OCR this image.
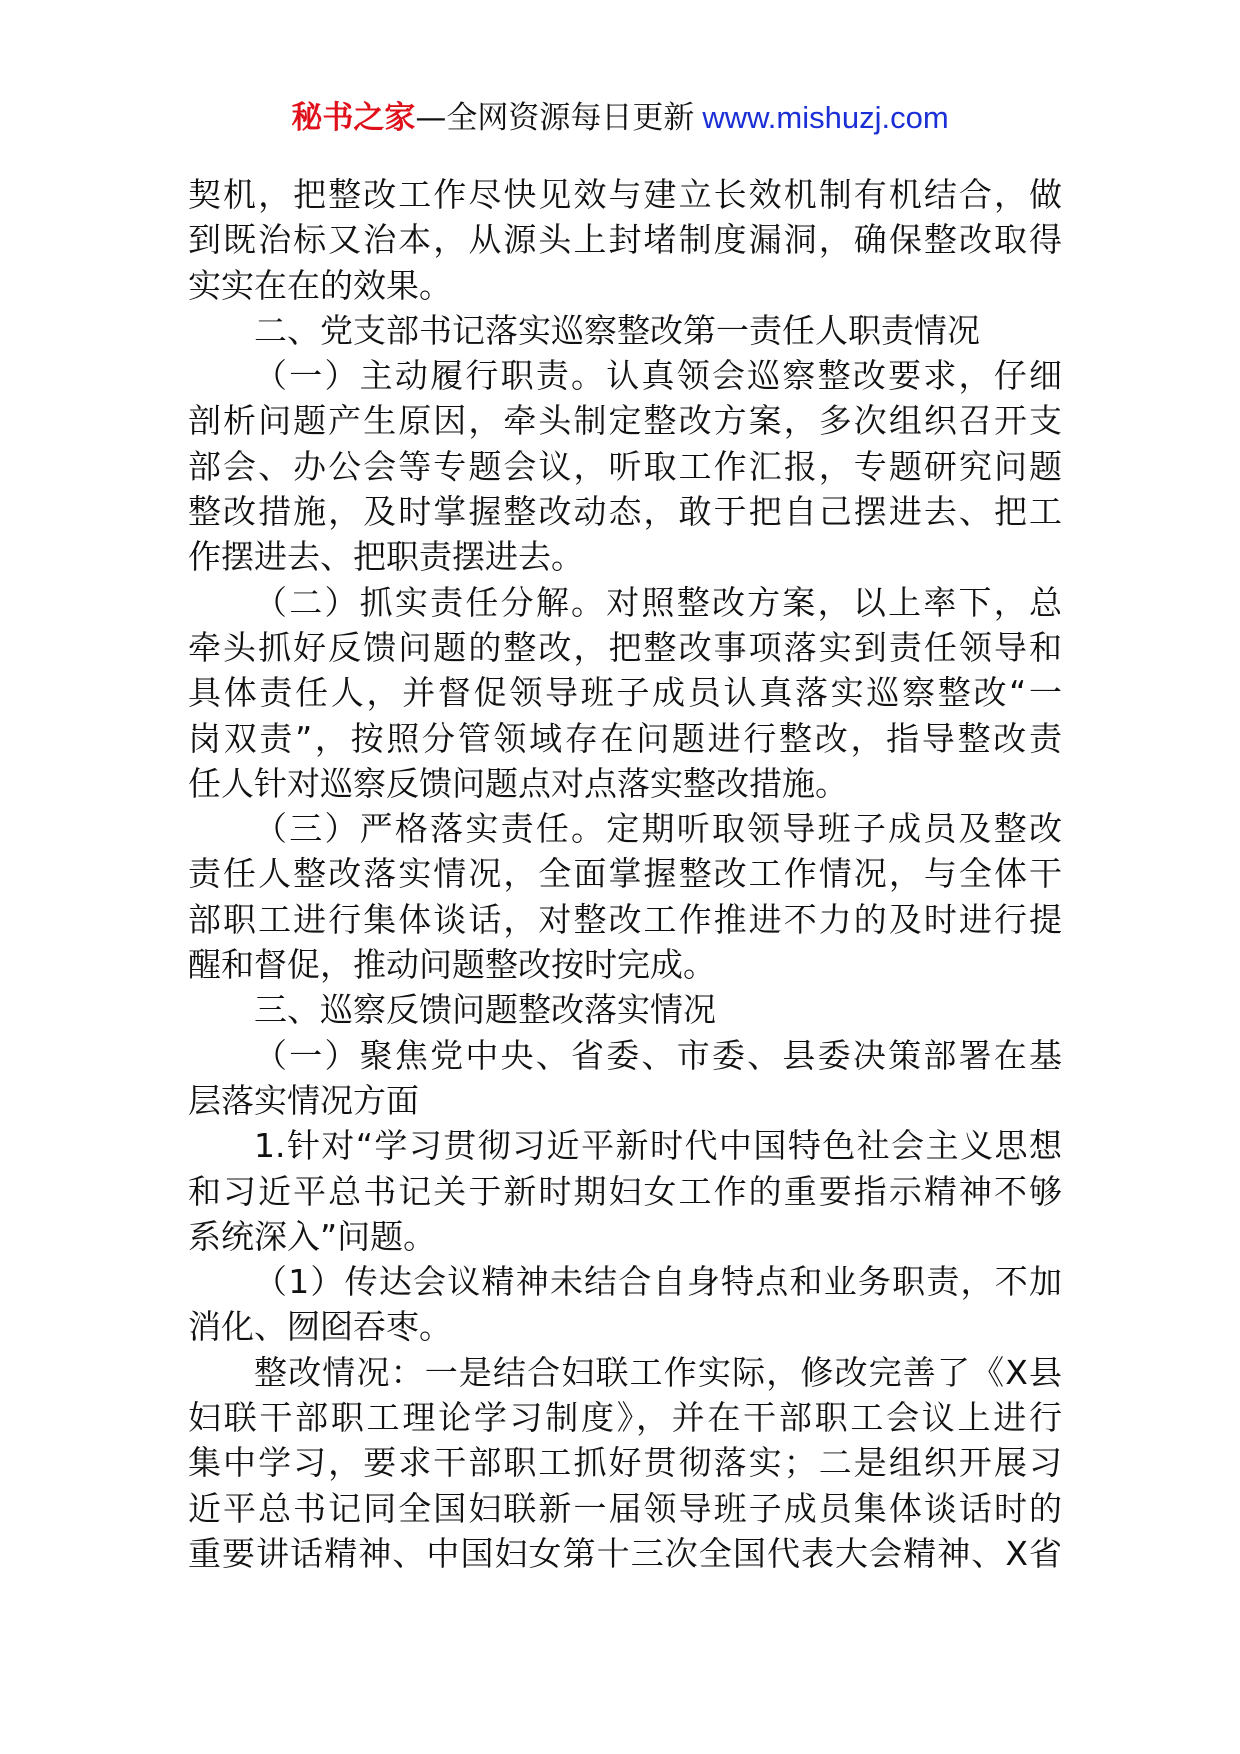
秘书之家—全网资源每日更新 www.mishuzj.com
契机，把整改工作尽快见效与建立长效机制有机结合，做
到既治标又治本，从源头上封堵制度漏洞，确保整改取得
实实在在的效果。
二、党支部书记落实巡察整改第一责任人职责情况
（一）主动履行职责。认真领会巡察整改要求，仔细
剖析问题产生原因，牵头制定整改方案，多次组织召开支
部会、办公会等专题会议，听取工作汇报，专题研究问题
整改措施，及时掌握整改动态，敢于把自己摆进去、把工
作摆进去、把职责摆进去。
（二）抓实责任分解。对照整改方案，以上率下，总
牵头抓好反馈问题的整改，把整改事项落实到责任领导和
具体责任人，并督促领导班子成员认真落实巡察整改“一
岗双责”，按照分管领域存在问题进行整改，指导整改责
任人针对巡察反馈问题点对点落实整改措施。
（三）严格落实责任。定期听取领导班子成员及整改
责任人整改落实情况，全面掌握整改工作情况，与全体干
部职工进行集体谈话，对整改工作推进不力的及时进行提
醒和督促，推动问题整改按时完成。
三、巡察反馈问题整改落实情况
（一）聚焦党中央、省委、市委、县委决策部署在基
层落实情况方面
1.针对“学习贯彻习近平新时代中国特色社会主义思想
和习近平总书记关于新时期妇女工作的重要指示精神不够
系统深入”问题。
（1）传达会议精神未结合自身特点和业务职责，不加
消化、囫囵吞枣。
整改情况：一是结合妇联工作实际，修改完善了《X县
妇联干部职工理论学习制度》，并在干部职工会议上进行
集中学习，要求干部职工抓好贯彻落实；二是组织开展习
近平总书记同全国妇联新一届领导班子成员集体谈话时的
重要讲话精神、中国妇女第十三次全国代表大会精神、X省
